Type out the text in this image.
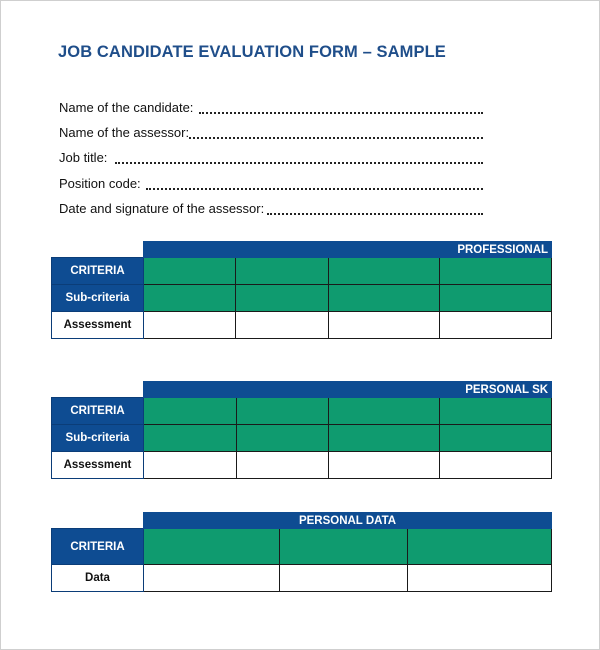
JOB CANDIDATE EVALUATION FORM – SAMPLE
Name of the candidate:
Name of the assessor:
Job title:
Position code:
Date and signature of the assessor:
	PROFESSIONAL			
CRITERIA				
Sub-criteria				
Assessment				
	PERSONAL SK			
CRITERIA				
Sub-criteria				
Assessment				
	PERSONAL DATA		
CRITERIA			
Data			
